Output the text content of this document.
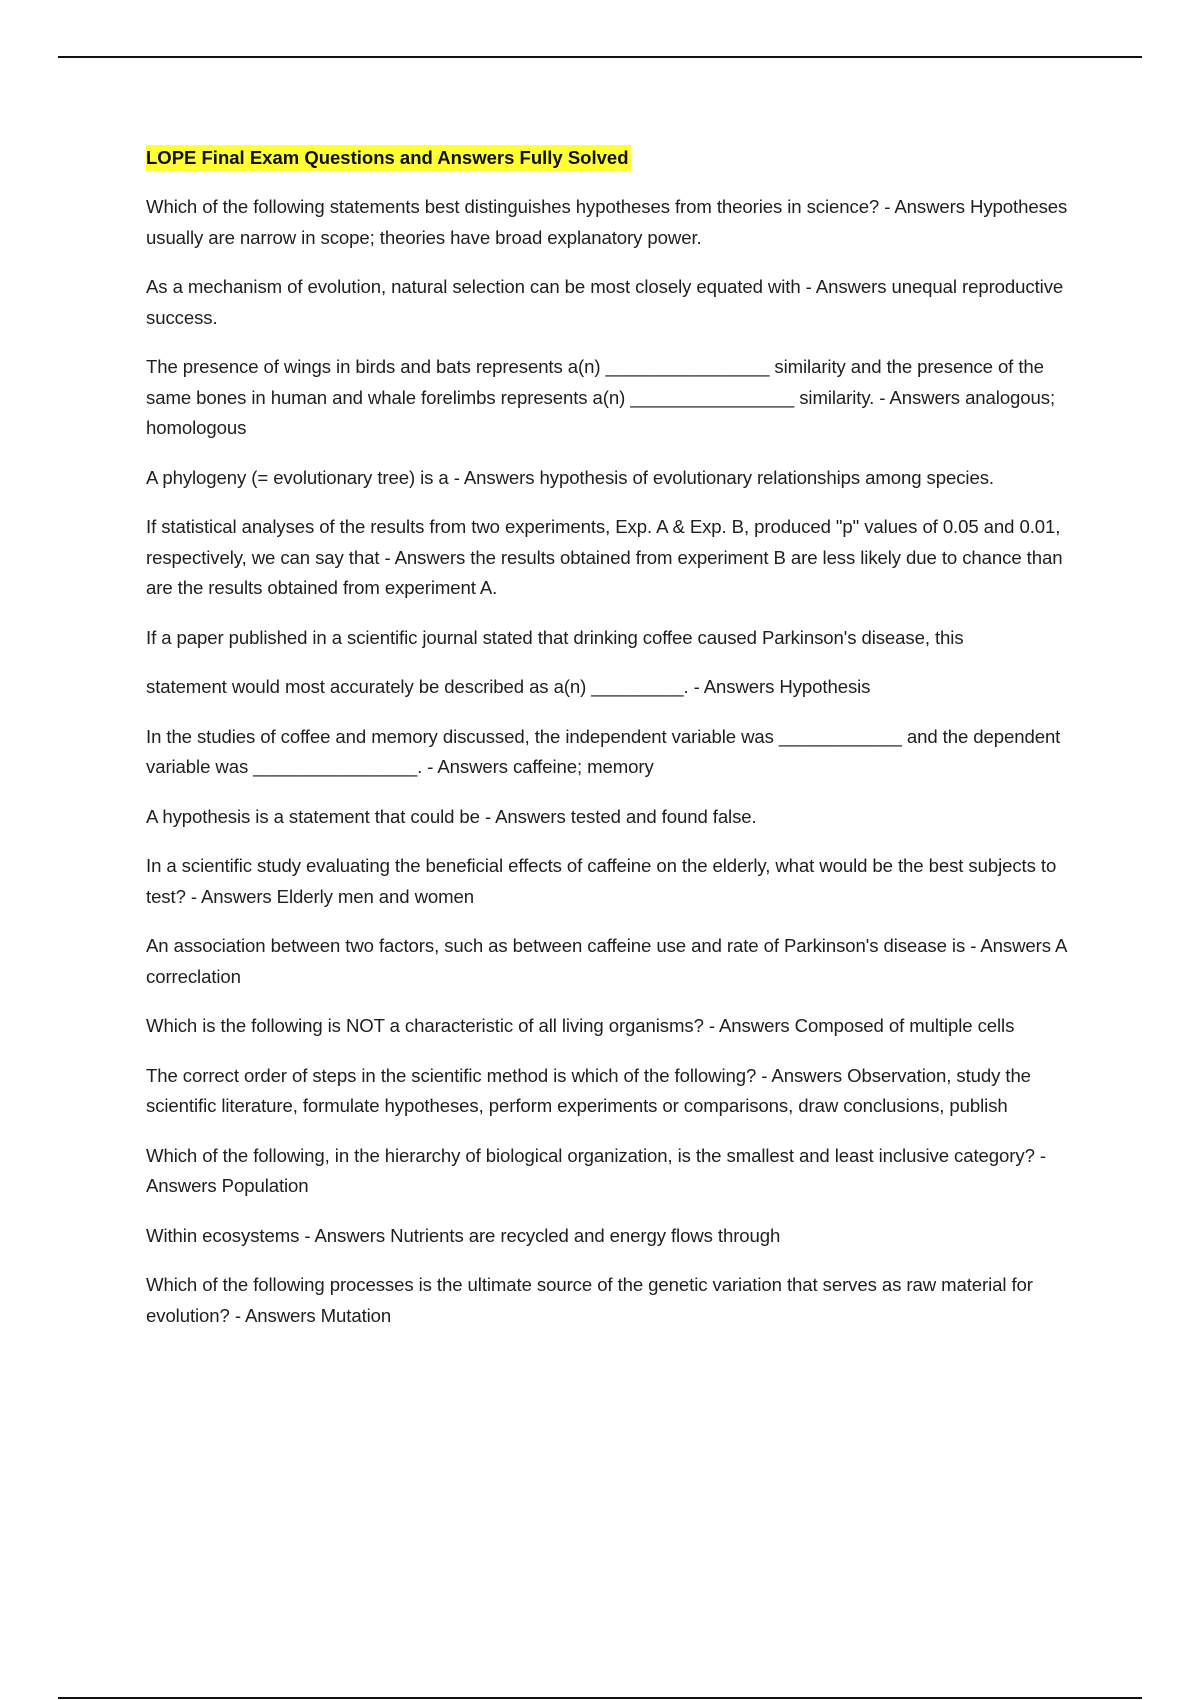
LOPE Final Exam Questions and Answers Fully Solved

Which of the following statements best distinguishes hypotheses from theories in science? - Answers Hypotheses usually are narrow in scope; theories have broad explanatory power.

As a mechanism of evolution, natural selection can be most closely equated with - Answers unequal reproductive success.

The presence of wings in birds and bats represents a(n) ________________ similarity and the presence of the same bones in human and whale forelimbs represents a(n) ________________ similarity. - Answers analogous; homologous

A phylogeny (= evolutionary tree) is a - Answers hypothesis of evolutionary relationships among species.

If statistical analyses of the results from two experiments, Exp. A & Exp. B, produced "p" values of 0.05 and 0.01, respectively, we can say that - Answers the results obtained from experiment B are less likely due to chance than are the results obtained from experiment A.

If a paper published in a scientific journal stated that drinking coffee caused Parkinson's disease, this

statement would most accurately be described as a(n) _________. - Answers Hypothesis

In the studies of coffee and memory discussed, the independent variable was ____________ and the dependent variable was ________________. - Answers caffeine; memory

A hypothesis is a statement that could be - Answers tested and found false.

In a scientific study evaluating the beneficial effects of caffeine on the elderly, what would be the best subjects to test? - Answers Elderly men and women

An association between two factors, such as between caffeine use and rate of Parkinson's disease is - Answers A correclation

Which is the following is NOT a characteristic of all living organisms? - Answers Composed of multiple cells

The correct order of steps in the scientific method is which of the following? - Answers Observation, study the scientific literature, formulate hypotheses, perform experiments or comparisons, draw conclusions, publish

Which of the following, in the hierarchy of biological organization, is the smallest and least inclusive category? - Answers Population

Within ecosystems - Answers Nutrients are recycled and energy flows through

Which of the following processes is the ultimate source of the genetic variation that serves as raw material for evolution? - Answers Mutation
